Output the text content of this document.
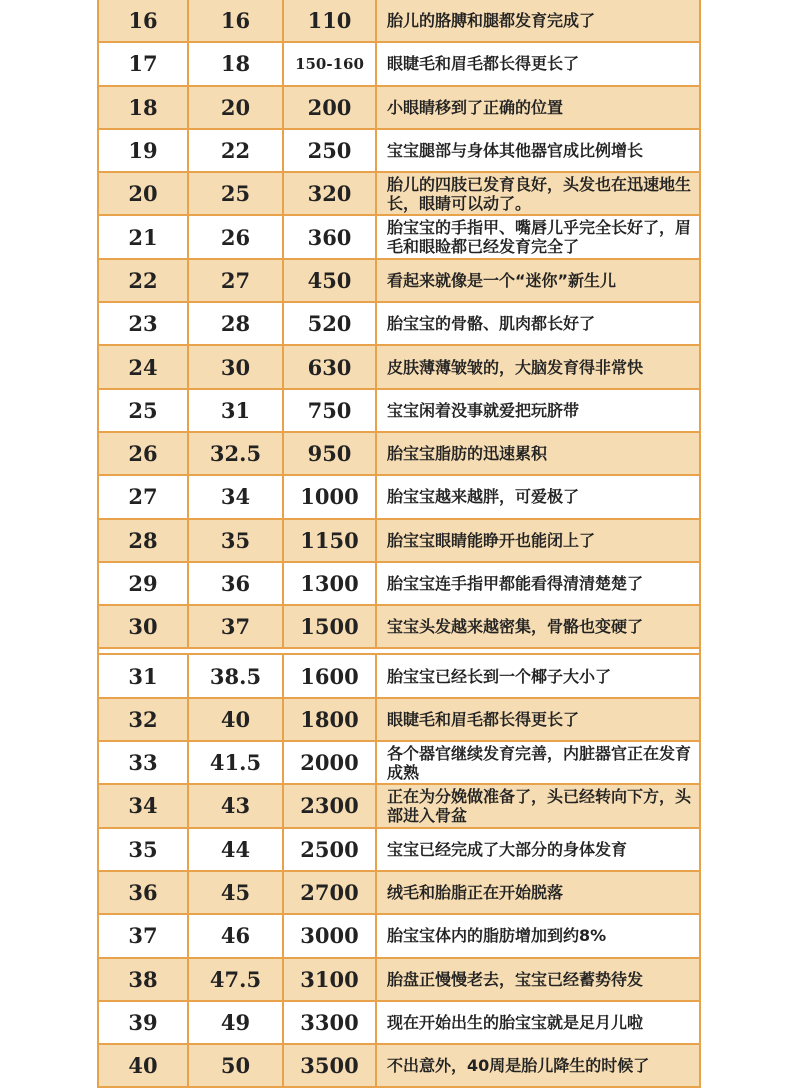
16	16	110	胎儿的胳膊和腿都发育完成了
17	18	150-160	眼睫毛和眉毛都长得更长了
18	20	200	小眼睛移到了正确的位置
19	22	250	宝宝腿部与身体其他器官成比例增长
20	25	320	胎儿的四肢已发育良好，头发也在迅速地生长，眼睛可以动了。
21	26	360	胎宝宝的手指甲、嘴唇儿乎完全长好了，眉毛和眼睑都已经发育完全了
22	27	450	看起来就像是一个“迷你”新生儿
23	28	520	胎宝宝的骨骼、肌肉都长好了
24	30	630	皮肤薄薄皱皱的，大脑发育得非常快
25	31	750	宝宝闲着没事就爱把玩脐带
26	32.5	950	胎宝宝脂肪的迅速累积
27	34	1000	胎宝宝越来越胖，可爱极了
28	35	1150	胎宝宝眼睛能睁开也能闭上了
29	36	1300	胎宝宝连手指甲都能看得清清楚楚了
30	37	1500	宝宝头发越来越密集，骨骼也变硬了
31	38.5	1600	胎宝宝已经长到一个椰子大小了
32	40	1800	眼睫毛和眉毛都长得更长了
33	41.5	2000	各个器官继续发育完善，内脏器官正在发育成熟
34	43	2300	正在为分娩做准备了，头已经转向下方，头部进入骨盆
35	44	2500	宝宝已经完成了大部分的身体发育
36	45	2700	绒毛和胎脂正在开始脱落
37	46	3000	胎宝宝体内的脂肪增加到约8%
38	47.5	3100	胎盘正慢慢老去，宝宝已经蓄势待发
39	49	3300	现在开始出生的胎宝宝就是足月儿啦
40	50	3500	不出意外，40周是胎儿降生的时候了
